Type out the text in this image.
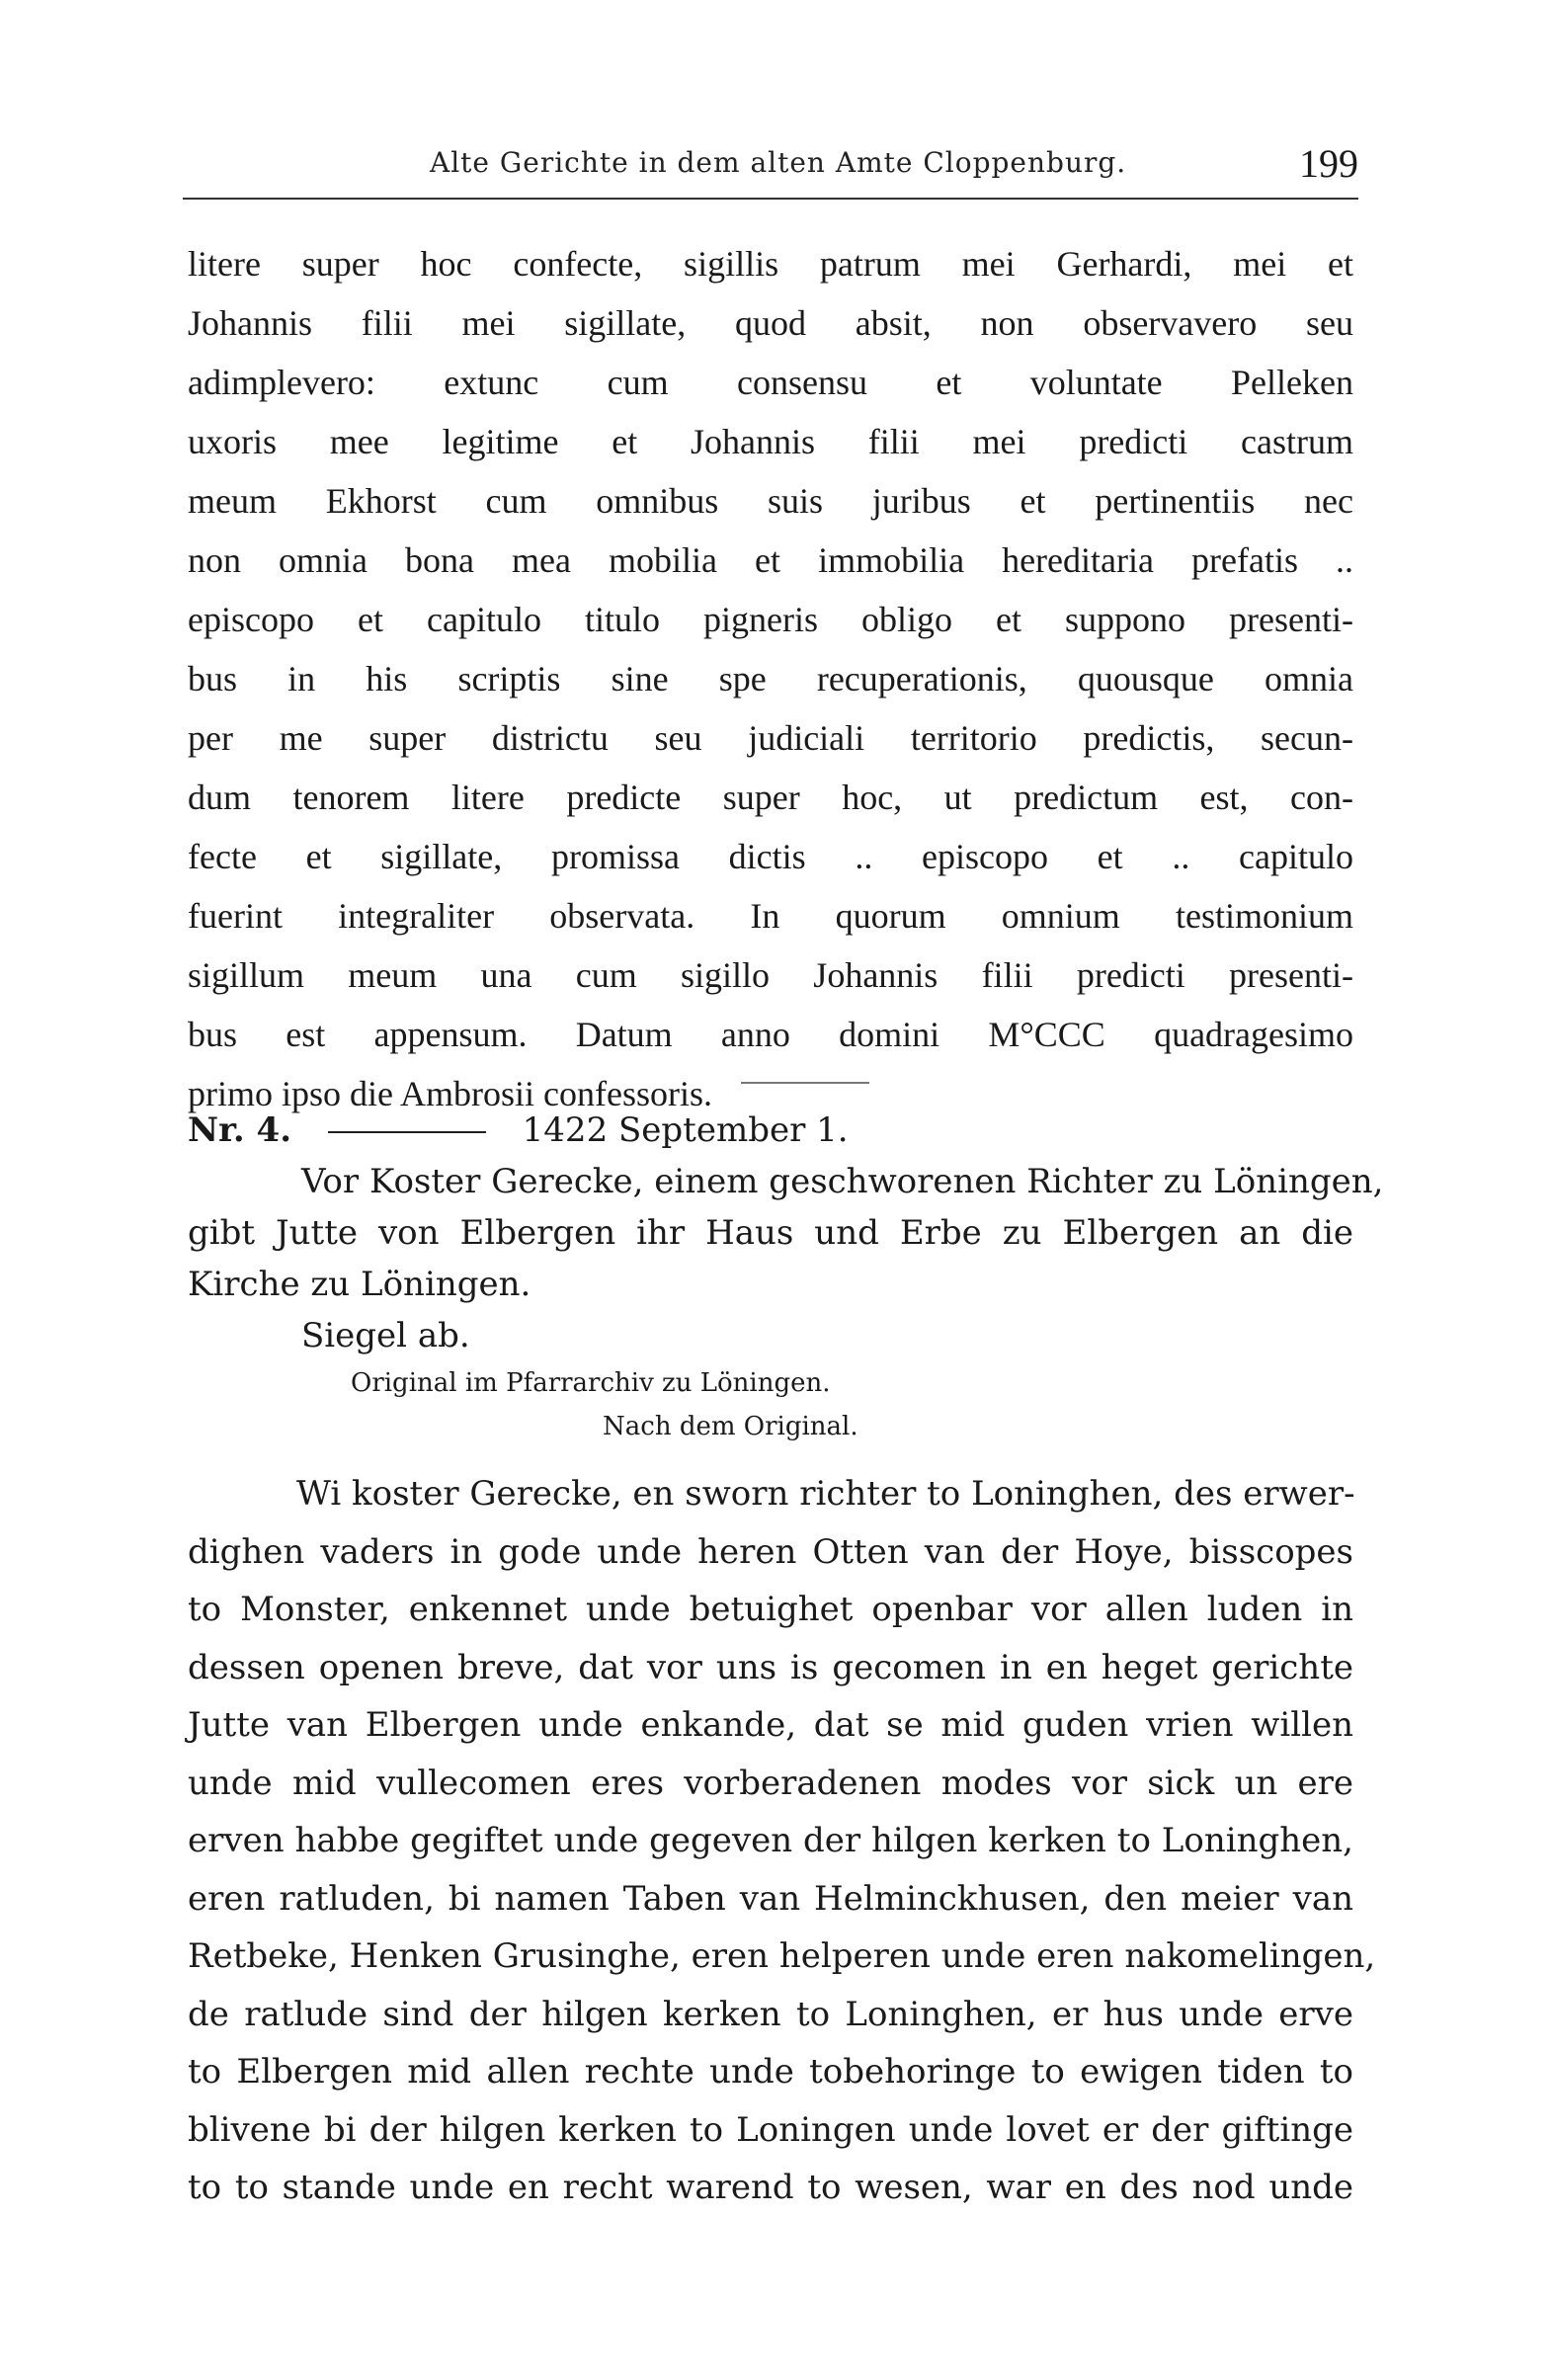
Alte Gerichte in dem alten Amte Cloppenburg.	199
litere super hoc confecte, sigillis patrum mei Gerhardi, mei et
Johannis filii mei sigillate, quod absit, non observavero seu
adimplevero: extunc cum consensu et voluntate Pelleken
uxoris mee legitime et Johannis filii mei predicti castrum
meum Ekhorst cum omnibus suis juribus et pertinentiis nec
non omnia bona mea mobilia et immobilia hereditaria prefatis ..
episcopo et capitulo titulo pigneris obligo et suppono presenti-
bus in his scriptis sine spe recuperationis, quousque omnia
per me super districtu seu judiciali territorio predictis, secun-
dum tenorem litere predicte super hoc, ut predictum est, con-
fecte et sigillate, promissa dictis .. episcopo et .. capitulo
fuerint integraliter observata. In quorum omnium testimonium
sigillum meum una cum sigillo Johannis filii predicti presenti-
bus est appensum. Datum anno domini M°CCC quadragesimo
primo ipso die Ambrosii confessoris.
Nr. 4.	1422 September 1.
Vor Koster Gerecke, einem geschworenen Richter zu Löningen,
gibt Jutte von Elbergen ihr Haus und Erbe zu Elbergen an die
Kirche zu Löningen.
Siegel ab.
Original im Pfarrarchiv zu Löningen.
Nach dem Original.
Wi koster Gerecke, en sworn richter to Loninghen, des erwer-
dighen vaders in gode unde heren Otten van der Hoye, bisscopes
to Monster, enkennet unde betuighet openbar vor allen luden in
dessen openen breve, dat vor uns is gecomen in en heget gerichte
Jutte van Elbergen unde enkande, dat se mid guden vrien willen
unde mid vullecomen eres vorberadenen modes vor sick un ere
erven habbe gegiftet unde gegeven der hilgen kerken to Loninghen,
eren ratluden, bi namen Taben van Helminckhusen, den meier van
Retbeke, Henken Grusinghe, eren helperen unde eren nakomelingen,
de ratlude sind der hilgen kerken to Loninghen, er hus unde erve
to Elbergen mid allen rechte unde tobehoringe to ewigen tiden to
blivene bi der hilgen kerken to Loningen unde lovet er der giftinge
to to stande unde en recht warend to wesen, war en des nod unde
